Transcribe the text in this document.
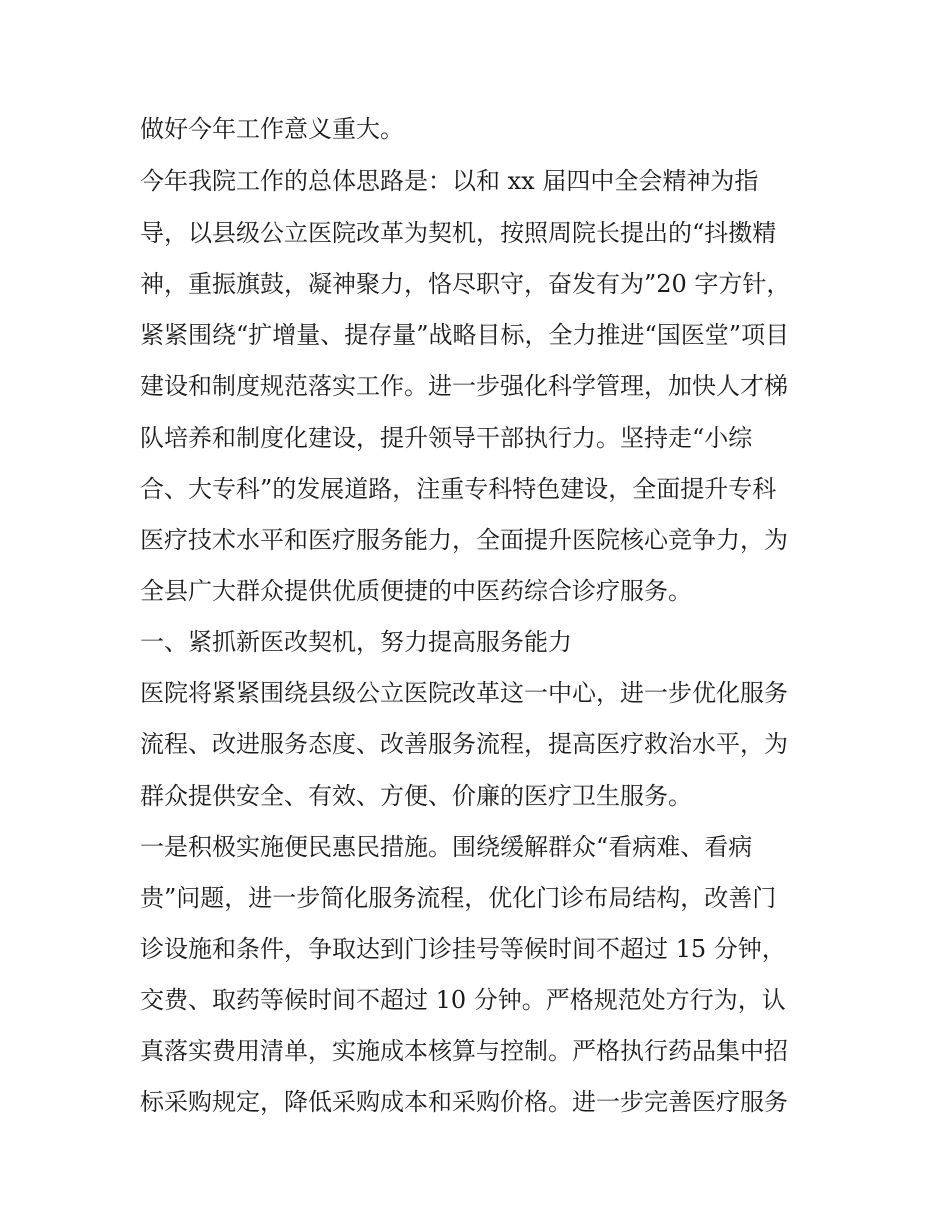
做好今年工作意义重大。

今年我院工作的总体思路是：以和 xx 届四中全会精神为指

导，以县级公立医院改革为契机，按照周院长提出的“抖擞精

神，重振旗鼓，凝神聚力，恪尽职守，奋发有为”20 字方针，

紧紧围绕“扩增量、提存量”战略目标，全力推进“国医堂”项目

建设和制度规范落实工作。进一步强化科学管理，加快人才梯

队培养和制度化建设，提升领导干部执行力。坚持走“小综

合、大专科”的发展道路，注重专科特色建设，全面提升专科

医疗技术水平和医疗服务能力，全面提升医院核心竞争力，为

全县广大群众提供优质便捷的中医药综合诊疗服务。

一、紧抓新医改契机，努力提高服务能力

医院将紧紧围绕县级公立医院改革这一中心，进一步优化服务

流程、改进服务态度、改善服务流程，提高医疗救治水平，为

群众提供安全、有效、方便、价廉的医疗卫生服务。

一是积极实施便民惠民措施。围绕缓解群众“看病难、看病

贵”问题，进一步简化服务流程，优化门诊布局结构，改善门

诊设施和条件，争取达到门诊挂号等候时间不超过 15 分钟，

交费、取药等候时间不超过 10 分钟。严格规范处方行为，认

真落实费用清单，实施成本核算与控制。严格执行药品集中招

标采购规定，降低采购成本和采购价格。进一步完善医疗服务
